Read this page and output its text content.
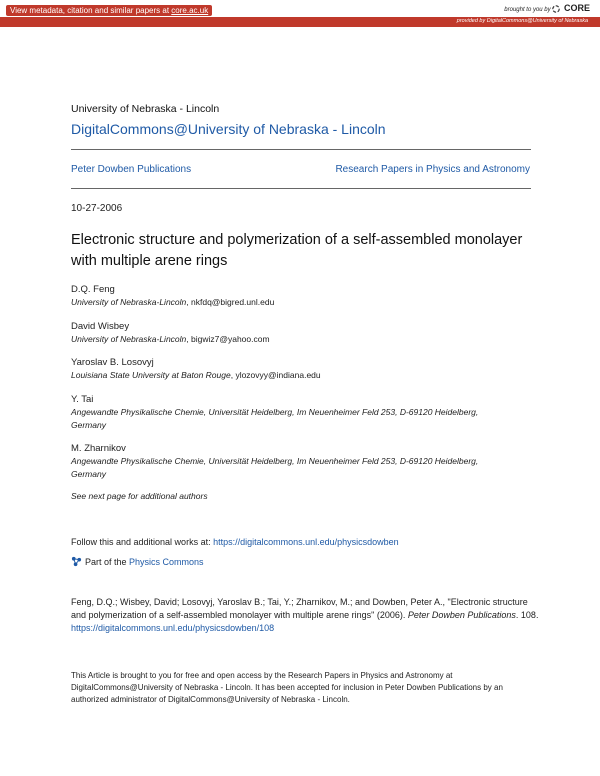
View metadata, citation and similar papers at core.ac.uk	brought to you by CORE
provided by DigitalCommons@University of Nebraska
University of Nebraska - Lincoln
DigitalCommons@University of Nebraska - Lincoln
Peter Dowben Publications	Research Papers in Physics and Astronomy
10-27-2006
Electronic structure and polymerization of a self-assembled monolayer with multiple arene rings
D.Q. Feng
University of Nebraska-Lincoln, nkfdq@bigred.unl.edu
David Wisbey
University of Nebraska-Lincoln, bigwiz7@yahoo.com
Yaroslav B. Losovyj
Louisiana State University at Baton Rouge, ylozovyy@indiana.edu
Y. Tai
Angewandte Physikalische Chemie, Universität Heidelberg, Im Neuenheimer Feld 253, D-69120 Heidelberg, Germany
M. Zharnikov
Angewandte Physikalische Chemie, Universität Heidelberg, Im Neuenheimer Feld 253, D-69120 Heidelberg, Germany
See next page for additional authors
Follow this and additional works at: https://digitalcommons.unl.edu/physicsdowben
Part of the Physics Commons
Feng, D.Q.; Wisbey, David; Losovyj, Yaroslav B.; Tai, Y.; Zharnikov, M.; and Dowben, Peter A., "Electronic structure and polymerization of a self-assembled monolayer with multiple arene rings" (2006). Peter Dowben Publications. 108.
https://digitalcommons.unl.edu/physicsdowben/108
This Article is brought to you for free and open access by the Research Papers in Physics and Astronomy at DigitalCommons@University of Nebraska - Lincoln. It has been accepted for inclusion in Peter Dowben Publications by an authorized administrator of DigitalCommons@University of Nebraska - Lincoln.
